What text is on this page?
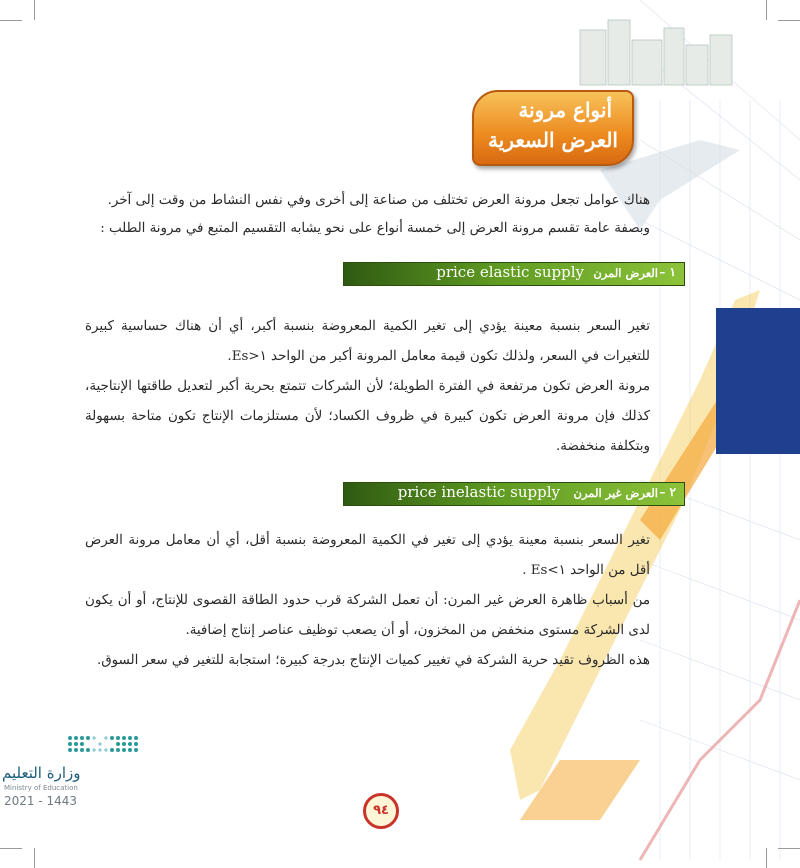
أنواع مرونة
العرض السعرية
هناك عوامل تجعل مرونة العرض تختلف من صناعة إلى أخرى وفي نفس النشاط من وقت إلى آخر.
وبصفة عامة تقسم مرونة العرض إلى خمسة أنواع على نحو يشابه التقسيم المتبع في مرونة الطلب :
١ –
العرض المرن
price elastic supply
تغير السعر بنسبة معينة يؤدي إلى تغير الكمية المعروضة بنسبة أكبر، أي أن هناك حساسية كبيرة للتغيرات في السعر، ولذلك تكون قيمة معامل المرونة أكبر من الواحد ١<Es.
مرونة العرض تكون مرتفعة في الفترة الطويلة؛ لأن الشركات تتمتع بحرية أكبر لتعديل طاقتها الإنتاجية، كذلك فإن مرونة العرض تكون كبيرة في ظروف الكساد؛ لأن مستلزمات الإنتاج تكون متاحة بسهولة وبتكلفة منخفضة.
٢ –
العرض غير المرن
price inelastic supply
تغير السعر بنسبة معينة يؤدي إلى تغير في الكمية المعروضة بنسبة أقل، أي أن معامل مرونة العرض أقل من الواحد ١>Es .
من أسباب ظاهرة العرض غير المرن: أن تعمل الشركة قرب حدود الطاقة القصوى للإنتاج، أو أن يكون لدى الشركة مستوى منخفض من المخزون، أو أن يصعب توظيف عناصر إنتاج إضافية.
هذه الظروف تقيد حرية الشركة في تغيير كميات الإنتاج بدرجة كبيرة؛ استجابة للتغير في سعر السوق.
وزارة التعليم
Ministry of Education
2021 - 1443
٩٤
